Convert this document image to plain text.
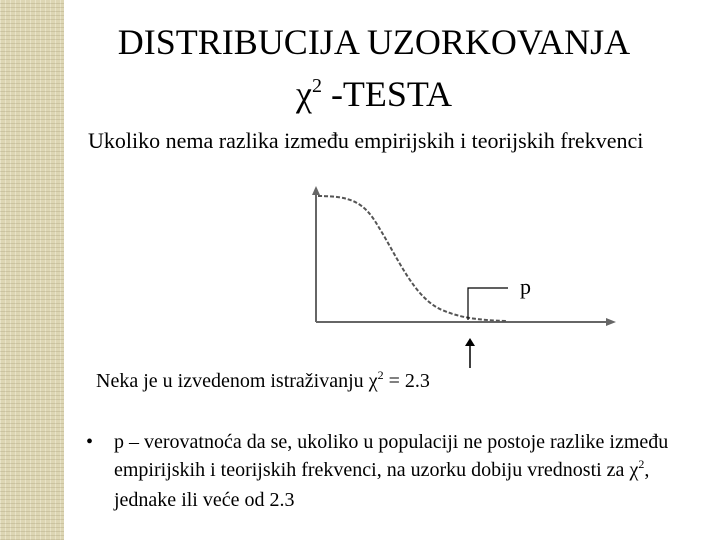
DISTRIBUCIJA UZORKOVANJA
$\chi^2$ -TESTA

Ukoliko nema razlika između empirijskih i teorijskih frekvenci

p

Neka je u izvedenom istraživanju $\chi^2 = 2.3$

• p – verovatnoća da se, ukoliko u populaciji ne postoje razlike između empirijskih i teorijskih frekvenci, na uzorku dobiju vrednosti za $\chi^2$, jednake ili veće od 2.3
